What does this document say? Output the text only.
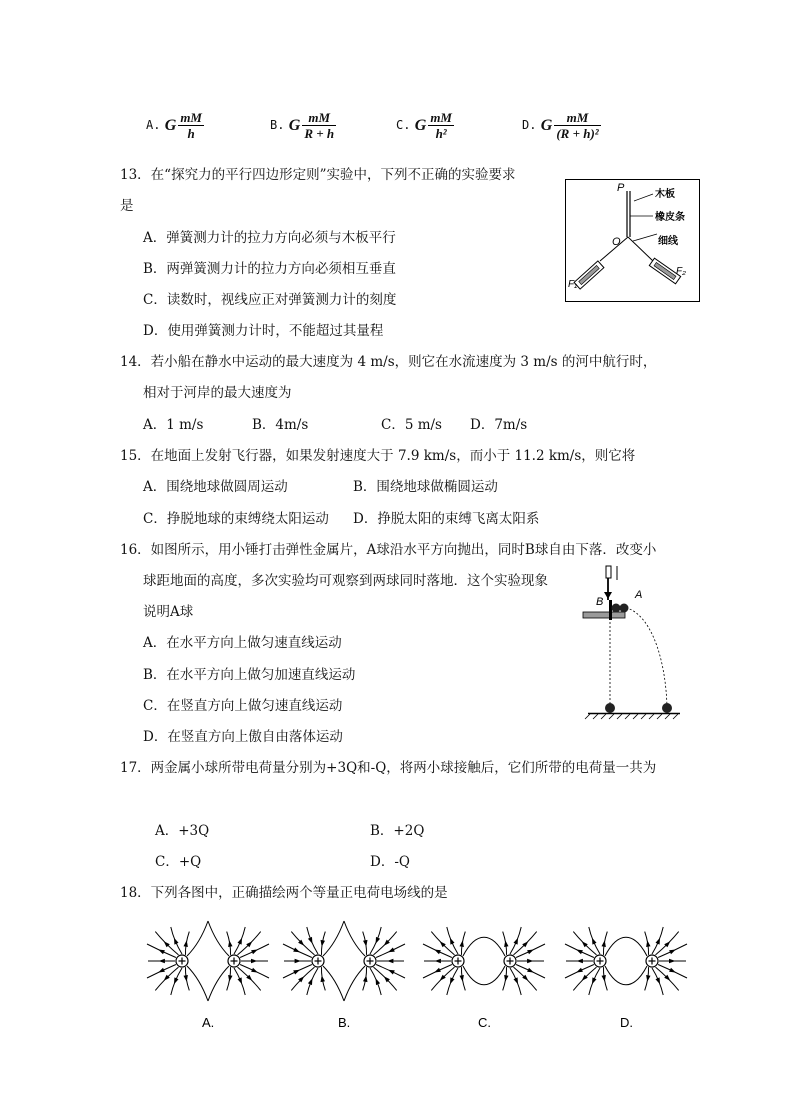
A. G $\frac{mM}{h}$	B. G $\frac{mM}{R + h}$	C. G $\frac{mM}{\text{h²}}$	D. G $\frac{mM}{\text{(R + h)²}}$
13．在“探究力的平行四边形定则”实验中，下列不正确的实验要求
是
A．弹簧测力计的拉力方向必须与木板平行
B．两弹簧测力计的拉力方向必须相互垂直
C．读数时，视线应正对弹簧测力计的刻度
D．使用弹簧测力计时，不能超过其量程
P
O
F₁
F₂
木板
橡皮条
细线
14．若小船在静水中运动的最大速度为 4 m/s，则它在水流速度为 3 m/s 的河中航行时，
相对于河岸的最大速度为
A．1 m/s	B．4m/s	C．5 m/s D．7m/s
15．在地面上发射飞行器，如果发射速度大于 7.9 km/s，而小于 11.2 km/s，则它将
A．围绕地球做圆周运动	B．围绕地球做椭圆运动
C．挣脱地球的束缚绕太阳运动 D．挣脱太阳的束缚飞离太阳系
16．如图所示，用小锤打击弹性金属片，A球沿水平方向抛出，同时B球自由下落．改变小
球距地面的高度，多次实验均可观察到两球同时落地．这个实验现象
说明A球
A．在水平方向上做匀速直线运动
B．在水平方向上做匀加速直线运动
C．在竖直方向上做匀速直线运动
D．在竖直方向上傲自由落体运动
B
A
17．两金属小球所带电荷量分别为+3Q和-Q，将两小球接触后，它们所带的电荷量一共为
A．+3Q	B．+2Q
C．+Q	D．-Q
18．下列各图中，正确描绘两个等量正电荷电场线的是
A.	B.	C.	D.
